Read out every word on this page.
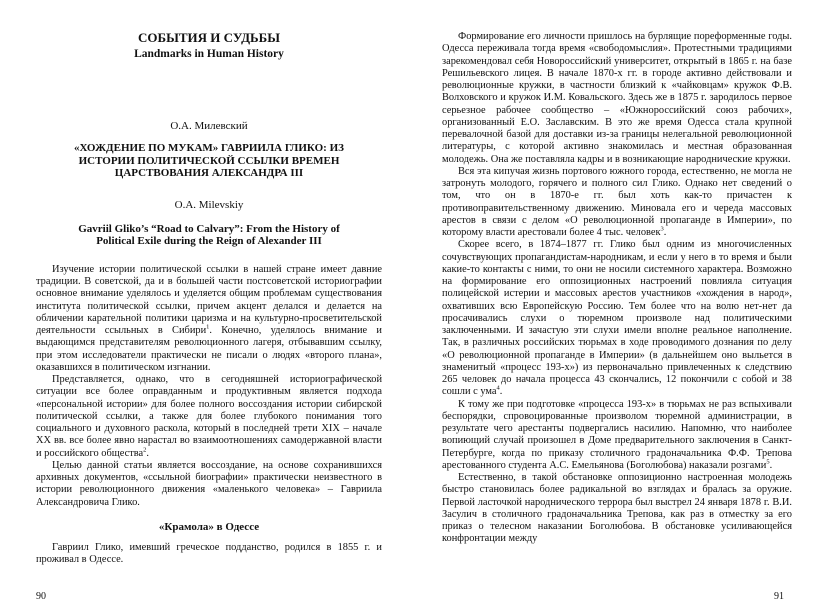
СОБЫТИЯ И СУДЬБЫ
Landmarks in Human History
О.А. Милевский
«ХОЖДЕНИЕ ПО МУКАМ» ГАВРИИЛА ГЛИКО: ИЗ ИСТОРИИ ПОЛИТИЧЕСКОЙ ССЫЛКИ ВРЕМЕН ЦАРСТВОВАНИЯ АЛЕКСАНДРА III
O.A. Milevskiy
Gavriil Gliko’s “Road to Calvary”: From the History of Political Exile during the Reign of Alexander III

Изучение истории политической ссылки в нашей стране имеет давние традиции. В советской, да и в большей части постсоветской историографии основное внимание уделялось и уделяется общим проблемам существования института политической ссылки, причем акцент делался и делается на обличении карательной политики царизма и на культурно-просветительской деятельности ссыльных в Сибири$^1$. Конечно, уделялось внимание и выдающимся представителям революционного лагеря, отбывавшим ссылку, при этом исследователи практически не писали о людях «второго плана», оказавшихся в политическом изгнании.

Представляется, однако, что в сегодняшней историографической ситуации все более оправданным и продуктивным является подхода «персональной истории» для более полного воссоздания истории сибирской политической ссылки, а также для более глубокого понимания того социального и духовного раскола, который в последней трети XIX – начале XX вв. все более явно нарастал во взаимоотношениях самодержавной власти и российского общества$^2$.

Целью данной статьи является воссоздание, на основе сохранившихся архивных документов, «ссыльной биографии» практически неизвестного в истории революционного движения «маленького человека» – Гавриила Александровича Глико.

«Крамола» в Одессе

Гавриил Глико, имевший греческое подданство, родился в 1855 г. и проживал в Одессе.

90

Формирование его личности пришлось на бурлящие пореформенные годы. Одесса переживала тогда время «свободомыслия». Протестными традициями зарекомендовал себя Новороссийский университет, открытый в 1865 г. на базе Решильевского лицея. В начале 1870-х гг. в городе активно действовали и революционные кружки, в частности близкий к «чайковцам» кружок Ф.В. Волховского и кружок И.М. Ковальского. Здесь же в 1875 г. зародилось первое серьезное рабочее сообщество – «Южнороссийский союз рабочих», организованный Е.О. Заславским. В это же время Одесса стала крупной перевалочной базой для доставки из-за границы нелегальной революционной литературы, с которой активно знакомилась и местная образованная молодежь. Она же поставляла кадры и в возникающие народнические кружки.

Вся эта кипучая жизнь портового южного города, естественно, не могла не затронуть молодого, горячего и полного сил Глико. Однако нет сведений о том, что он в 1870-е гг. был хоть как-то причастен к противоправительственному движению. Миновала его и череда массовых арестов в связи с делом «О революционной пропаганде в Империи», по которому власти арестовали более 4 тыс. человек$^3$.

Скорее всего, в 1874–1877 гг. Глико был одним из многочисленных сочувствующих пропагандистам-народникам, и если у него в то время и были какие-то контакты с ними, то они не носили системного характера. Возможно на формирование его оппозиционных настроений повлияла ситуация полицейской истерии и массовых арестов участников «хождения в народ», охвативших всю Европейскую Россию. Тем более что на волю нет-нет да просачивались слухи о тюремном произволе над политическими заключенными. И зачастую эти слухи имели вполне реальное наполнение. Так, в различных российских тюрьмах в ходе проводимого дознания по делу «О революционной пропаганде в Империи» (в дальнейшем оно выльется в знаменитый «процесс 193-х») из первоначально привлеченных к следствию 265 человек до начала процесса 43 скончались, 12 покончили с собой и 38 сошли с ума$^4$.

К тому же при подготовке «процесса 193-х» в тюрьмах не раз вспыхивали беспорядки, спровоцированные произволом тюремной администрации, в результате чего арестанты подвергались насилию. Напомню, что наиболее вопиющий случай произошел в Доме предварительного заключения в Санкт-Петербурге, когда по приказу столичного градоначальника Ф.Ф. Трепова арестованного студента А.С. Емельянова (Боголюбова) наказали розгами$^5$.

Естественно, в такой обстановке оппозиционно настроенная молодежь быстро становилась более радикальной во взглядах и бралась за оружие. Первой ласточкой народнического террора был выстрел 24 января 1878 г. В.И. Засулич в столичного градоначальника Трепова, как раз в отместку за его приказ о телесном наказании Боголюбова. В обстановке усиливающейся конфронтации между

91
